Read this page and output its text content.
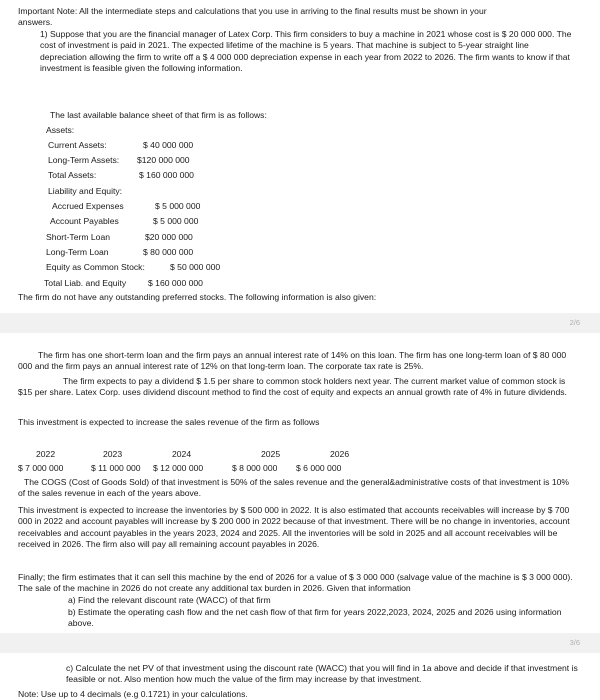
Important Note: All the intermediate steps and calculations that you use in arriving to the final results must be shown in your
answers.
1) Suppose that you are the financial manager of Latex Corp. This firm considers to buy a machine in 2021 whose cost is $ 20 000 000. The cost of investment is paid in 2021. The expected lifetime of the machine is 5 years. That machine is subject to 5-year straight line depreciation allowing the firm to write off a $ 4 000 000 depreciation expense in each year from 2022 to 2026. The firm wants to know if that investment is feasible given the following information.
The last available balance sheet of that firm is as follows:
Assets:
Current Assets:	$ 40 000 000
Long-Term Assets: $120 000 000
Total Assets:	$ 160 000 000
Liability and Equity:
Accrued Expenses	$ 5 000 000
Account Payables	$ 5 000 000
Short-Term Loan	$20 000 000
Long-Term Loan	$ 80 000 000
Equity as Common Stock:	$ 50 000 000
Total Liab. and Equity	$ 160 000 000
The firm do not have any outstanding preferred stocks. The following information is also given:
2/6
The firm has one short-term loan and the firm pays an annual interest rate of 14% on this loan. The firm has one long-term loan of $ 80 000 000 and the firm pays an annual interest rate of 12% on that long-term loan. The corporate tax rate is 25%.
The firm expects to pay a dividend $ 1.5 per share to common stock holders next year. The current market value of common stock is $15 per share. Latex Corp. uses dividend discount method to find the cost of equity and expects an annual growth rate of 4% in future dividends.
This investment is expected to increase the sales revenue of the firm as follows
2022	2023	2024	2025	2026
$ 7 000 000	$ 11 000 000 $ 12 000 000	$ 8 000 000 $ 6 000 000
The COGS (Cost of Goods Sold) of that investment is 50% of the sales revenue and the general&administrative costs of that investment is 10% of the sales revenue in each of the years above.
This investment is expected to increase the inventories by $ 500 000 in 2022. It is also estimated that accounts receivables will increase by $ 700 000 in 2022 and account payables will increase by $ 200 000 in 2022 because of that investment. There will be no change in inventories, account receivables and account payables in the years 2023, 2024 and 2025. All the inventories will be sold in 2025 and all account receivables will be received in 2026. The firm also will pay all remaining account payables in 2026.
Finally; the firm estimates that it can sell this machine by the end of 2026 for a value of $ 3 000 000 (salvage value of the machine is $ 3 000 000). The sale of the machine in 2026 do not create any additional tax burden in 2026. Given that information
a) Find the relevant discount rate (WACC) of that firm
b) Estimate the operating cash flow and the net cash flow of that firm for years 2022,2023, 2024, 2025 and 2026 using information above.
3/6
c) Calculate the net PV of that investment using the discount rate (WACC) that you will find in 1a above and decide if that investment is feasible or not. Also mention how much the value of the firm may increase by that investment.
Note: Use up to 4 decimals (e.g 0.1721) in your calculations.
